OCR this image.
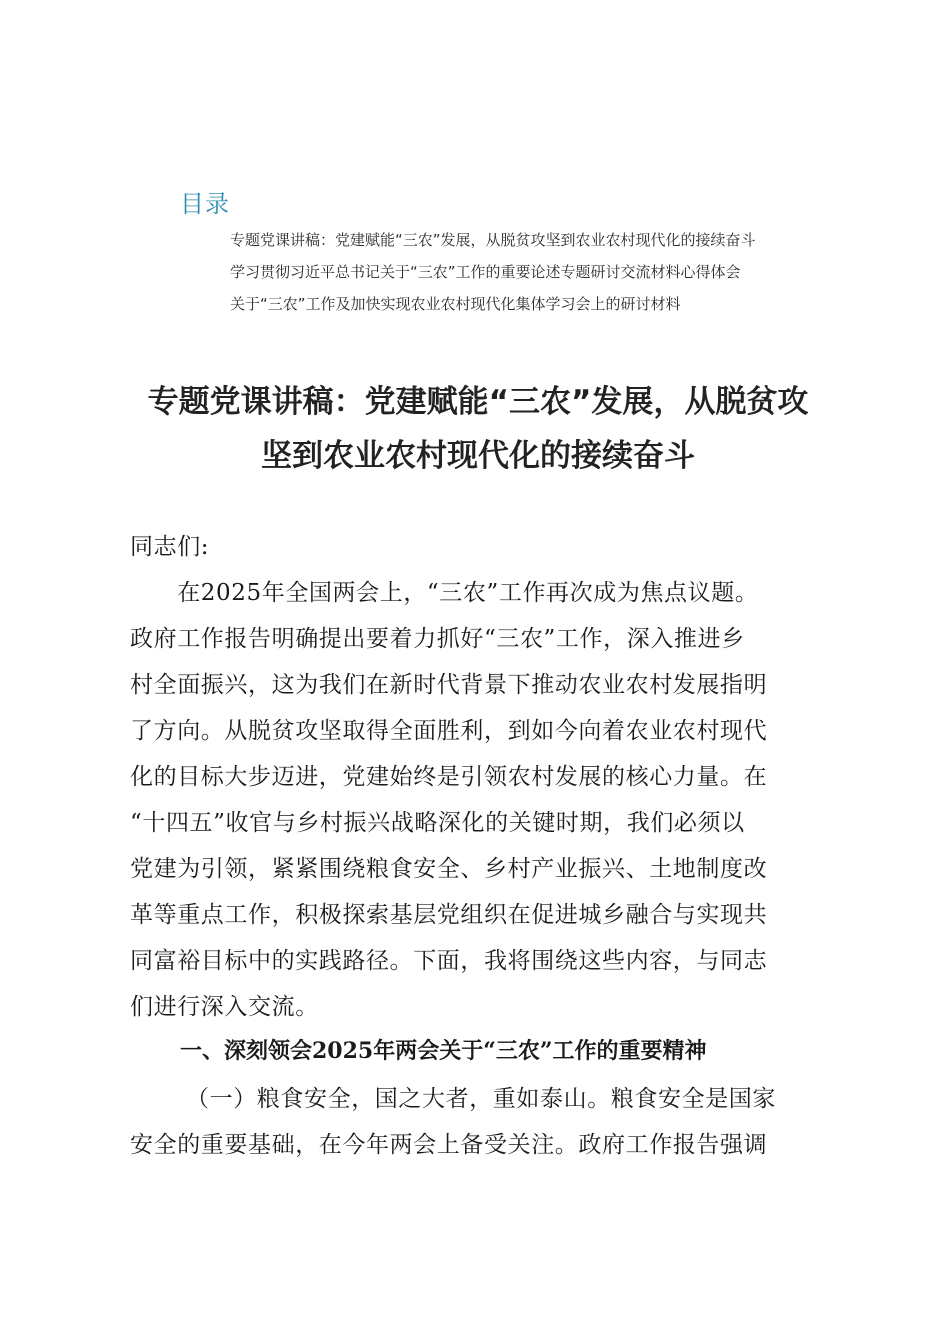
目录
专题党课讲稿：党建赋能“三农”发展，从脱贫攻坚到农业农村现代化的接续奋斗
学习贯彻习近平总书记关于“三农”工作的重要论述专题研讨交流材料心得体会
关于“三农”工作及加快实现农业农村现代化集体学习会上的研讨材料
专题党课讲稿：党建赋能“三农”发展，从脱贫攻
坚到农业农村现代化的接续奋斗
同志们:
　　在2025年全国两会上，“三农”工作再次成为焦点议题。
政府工作报告明确提出要着力抓好“三农”工作，深入推进乡
村全面振兴，这为我们在新时代背景下推动农业农村发展指明
了方向。从脱贫攻坚取得全面胜利，到如今向着农业农村现代
化的目标大步迈进，党建始终是引领农村发展的核心力量。在
“十四五”收官与乡村振兴战略深化的关键时期，我们必须以
党建为引领，紧紧围绕粮食安全、乡村产业振兴、土地制度改
革等重点工作，积极探索基层党组织在促进城乡融合与实现共
同富裕目标中的实践路径。下面，我将围绕这些内容，与同志
们进行深入交流。
一、深刻领会2025年两会关于“三农”工作的重要精神
（一）粮食安全，国之大者，重如泰山。粮食安全是国家
安全的重要基础，在今年两会上备受关注。政府工作报告强调
